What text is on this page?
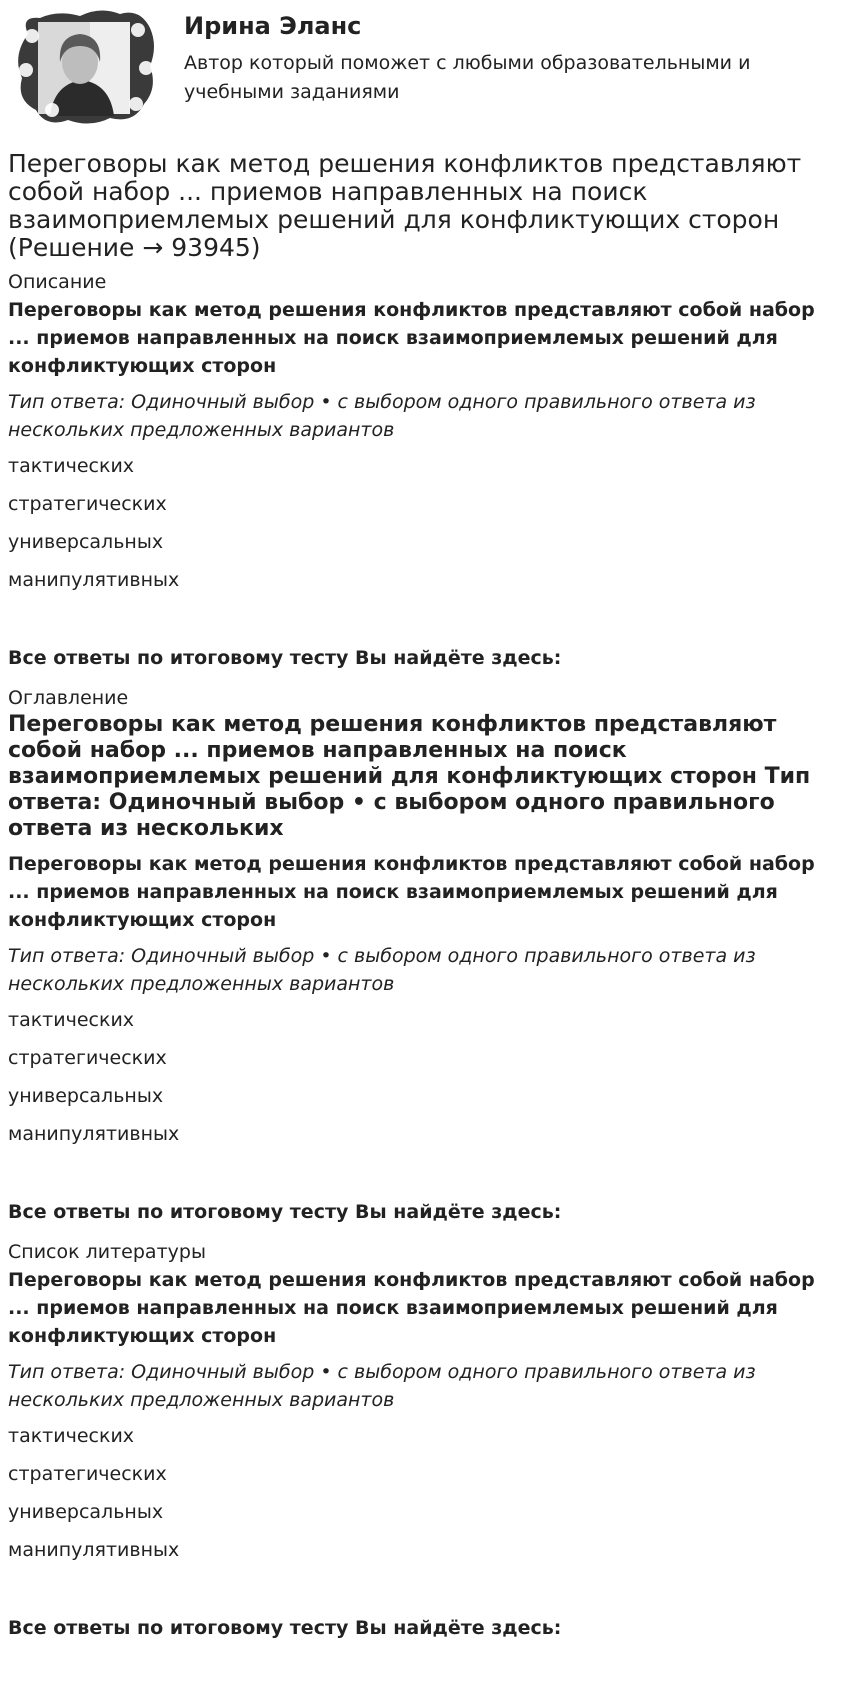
Ирина Эланс

Автор который поможет с любыми образовательными и учебными заданиями

Переговоры как метод решения конфликтов представляют собой набор ... приемов направленных на поиск взаимоприемлемых решений для конфликтующих сторон (Решение → 93945)
Описание

Переговоры как метод решения конфликтов представляют собой набор ... приемов направленных на поиск взаимоприемлемых решений для конфликтующих сторон

Тип ответа: Одиночный выбор • с выбором одного правильного ответа из нескольких предложенных вариантов

тактических
стратегических
универсальных
манипулятивных

Все ответы по итоговому тесту Вы найдёте здесь:

Оглавление
Переговоры как метод решения конфликтов представляют собой набор ... приемов направленных на поиск взаимоприемлемых решений для конфликтующих сторон Тип ответа: Одиночный выбор • с выбором одного правильного ответа из нескольких

Переговоры как метод решения конфликтов представляют собой набор ... приемов направленных на поиск взаимоприемлемых решений для конфликтующих сторон

Тип ответа: Одиночный выбор • с выбором одного правильного ответа из нескольких предложенных вариантов

тактических
стратегических
универсальных
манипулятивных

Все ответы по итоговому тесту Вы найдёте здесь:

Список литературы

Переговоры как метод решения конфликтов представляют собой набор ... приемов направленных на поиск взаимоприемлемых решений для конфликтующих сторон

Тип ответа: Одиночный выбор • с выбором одного правильного ответа из нескольких предложенных вариантов

тактических
стратегических
универсальных
манипулятивных

Все ответы по итоговому тесту Вы найдёте здесь:
